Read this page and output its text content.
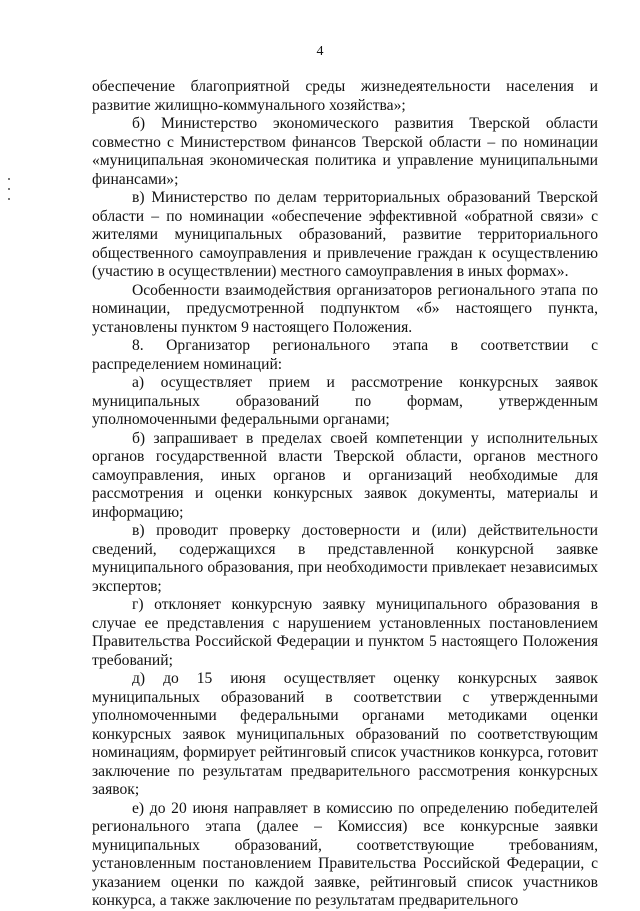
4

обеспечение благоприятной среды жизнедеятельности населения и развитие жилищно-коммунального хозяйства»;

б) Министерство экономического развития Тверской области совместно с Министерством финансов Тверской области – по номинации «муниципальная экономическая политика и управление муниципальными финансами»;

в) Министерство по делам территориальных образований Тверской области – по номинации «обеспечение эффективной «обратной связи» с жителями муниципальных образований, развитие территориального общественного самоуправления и привлечение граждан к осуществлению (участию в осуществлении) местного самоуправления в иных формах».

Особенности взаимодействия организаторов регионального этапа по номинации, предусмотренной подпунктом «б» настоящего пункта, установлены пунктом 9 настоящего Положения.

8. Организатор регионального этапа в соответствии с распределением номинаций:

а) осуществляет прием и рассмотрение конкурсных заявок муниципальных образований по формам, утвержденным уполномоченными федеральными органами;

б) запрашивает в пределах своей компетенции у исполнительных органов государственной власти Тверской области, органов местного самоуправления, иных органов и организаций необходимые для рассмотрения и оценки конкурсных заявок документы, материалы и информацию;

в) проводит проверку достоверности и (или) действительности сведений, содержащихся в представленной конкурсной заявке муниципального образования, при необходимости привлекает независимых экспертов;

г) отклоняет конкурсную заявку муниципального образования в случае ее представления с нарушением установленных постановлением Правительства Российской Федерации и пунктом 5 настоящего Положения требований;

д) до 15 июня осуществляет оценку конкурсных заявок муниципальных образований в соответствии с утвержденными уполномоченными федеральными органами методиками оценки конкурсных заявок муниципальных образований по соответствующим номинациям, формирует рейтинговый список участников конкурса, готовит заключение по результатам предварительного рассмотрения конкурсных заявок;

е) до 20 июня направляет в комиссию по определению победителей регионального этапа (далее – Комиссия) все конкурсные заявки муниципальных образований, соответствующие требованиям, установленным постановлением Правительства Российской Федерации, с указанием оценки по каждой заявке, рейтинговый список участников конкурса, а также заключение по результатам предварительного
